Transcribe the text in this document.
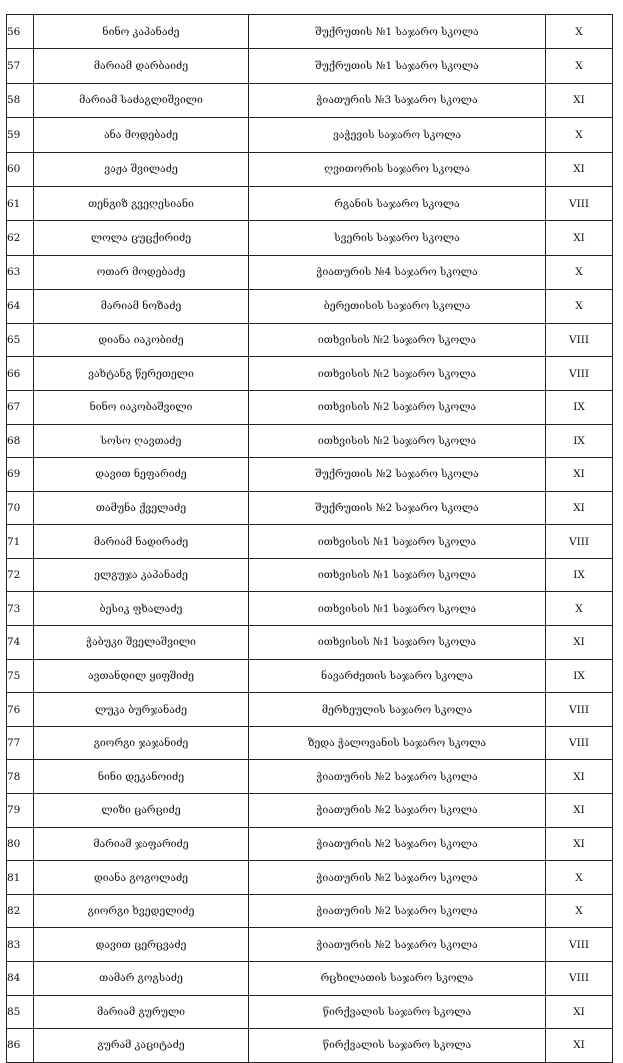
56	ნინო კაპანაძე	შუქრუთის №1 საჯარო სკოლა	X
57	მარიამ დარბაიძე	შუქრუთის №1 საჯარო სკოლა	X
58	მარიამ საძაგლიშვილი	ჭიათურის №3 საჯარო სკოლა	XI
59	ანა მოდებაძე	ვაჭევის საჯარო სკოლა	X
60	ვაჟა შვილაძე	ღვითორის საჯარო სკოლა	XI
61	თენგიზ გვეღესიანი	რგანის საჯარო სკოლა	VIII
62	ლოლა ცუცქირიძე	სვერის საჯარო სკოლა	XI
63	ოთარ მოდებაძე	ჭიათურის №4 საჯარო სკოლა	X
64	მარიამ ნოზაძე	ბერეთისის საჯარო სკოლა	X
65	დიანა იაკობიძე	ითხვისის №2 საჯარო სკოლა	VIII
66	ვახტანგ წერეთელი	ითხვისის №2 საჯარო სკოლა	VIII
67	ნინო იაკობაშვილი	ითხვისის №2 საჯარო სკოლა	IX
68	სოსო ღავთაძე	ითხვისის №2 საჯარო სკოლა	IX
69	დავით ნეფარიძე	შუქრუთის №2 საჯარო სკოლა	XI
70	თამუნა ქველაძე	შუქრუთის №2 საჯარო სკოლა	XI
71	მარიამ ნადირაძე	ითხვისის №1 საჯარო სკოლა	VIII
72	ელგუჯა კაპანაძე	ითხვისის №1 საჯარო სკოლა	IX
73	ბესიკ ფხალაძე	ითხვისის №1 საჯარო სკოლა	X
74	ჭაბუკი შველაშვილი	ითხვისის №1 საჯარო სკოლა	XI
75	ავთანდილ ყიფშიძე	ნავარძეთის საჯარო სკოლა	IX
76	ლუკა ბურჯანაძე	მერხეულის საჯარო სკოლა	VIII
77	გიორგი ჯაჯანიძე	ზედა ჭალოვანის საჯარო სკოლა	VIII
78	ნინი დეკანოიძე	ჭიათურის №2 საჯარო სკოლა	XI
79	ლიზი ცარციძე	ჭიათურის №2 საჯარო სკოლა	XI
80	მარიამ ჯაფარიძე	ჭიათურის №2 საჯარო სკოლა	XI
81	დიანა გოგოლაძე	ჭიათურის №2 საჯარო სკოლა	X
82	გიორგი ხვედელიძე	ჭიათურის №2 საჯარო სკოლა	X
83	დავით ცერცვაძე	ჭიათურის №2 საჯარო სკოლა	VIII
84	თამარ გოგსაძე	რცხილათის საჯარო სკოლა	VIII
85	მარიამ გურული	წირქვალის საჯარო სკოლა	XI
86	გურამ კაციტაძე	წირქვალის საჯარო სკოლა	XI
